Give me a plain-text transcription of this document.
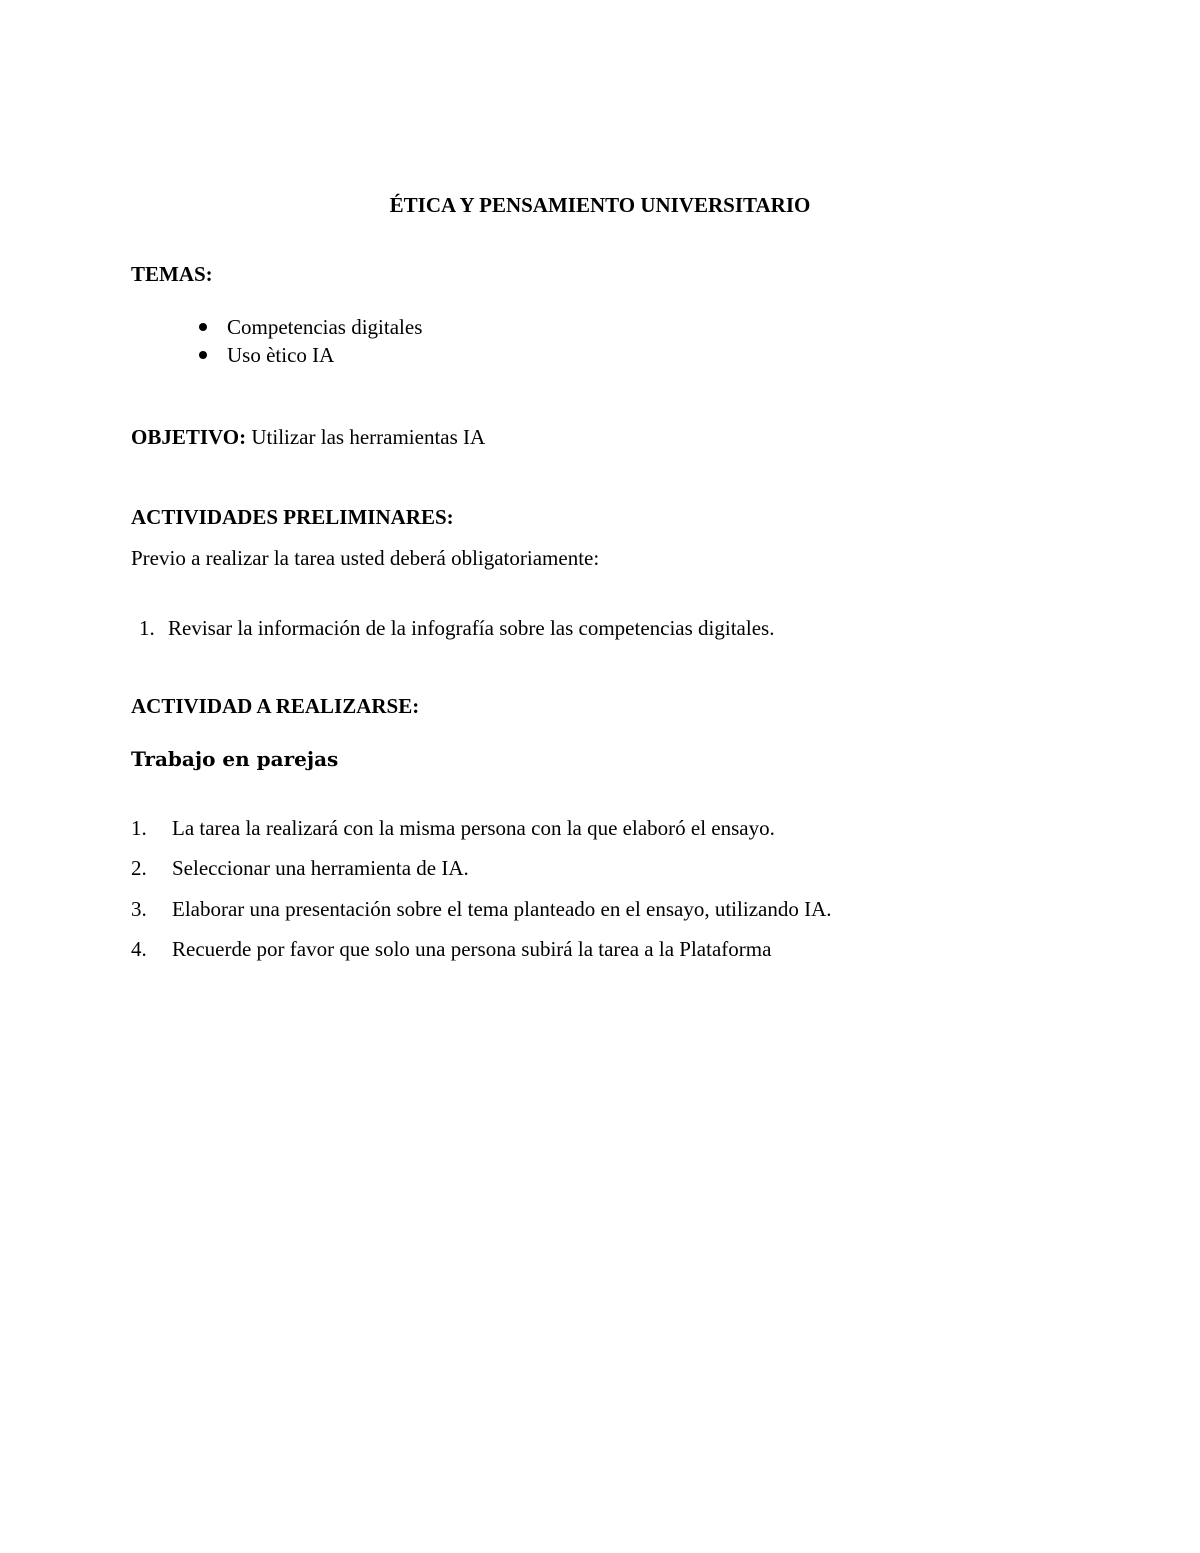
ÉTICA Y PENSAMIENTO UNIVERSITARIO
TEMAS:
Competencias digitales
Uso ètico IA
OBJETIVO: Utilizar las herramientas IA
ACTIVIDADES PRELIMINARES:
Previo a realizar la tarea usted deberá obligatoriamente:
1. Revisar la información de la infografía sobre las competencias digitales.
ACTIVIDAD A REALIZARSE:
Trabajo en parejas
1. La tarea la realizará con la misma persona con la que elaboró el ensayo.
2. Seleccionar una herramienta de IA.
3. Elaborar una presentación sobre el tema planteado en el ensayo, utilizando IA.
4. Recuerde por favor que solo una persona subirá la tarea a la Plataforma
